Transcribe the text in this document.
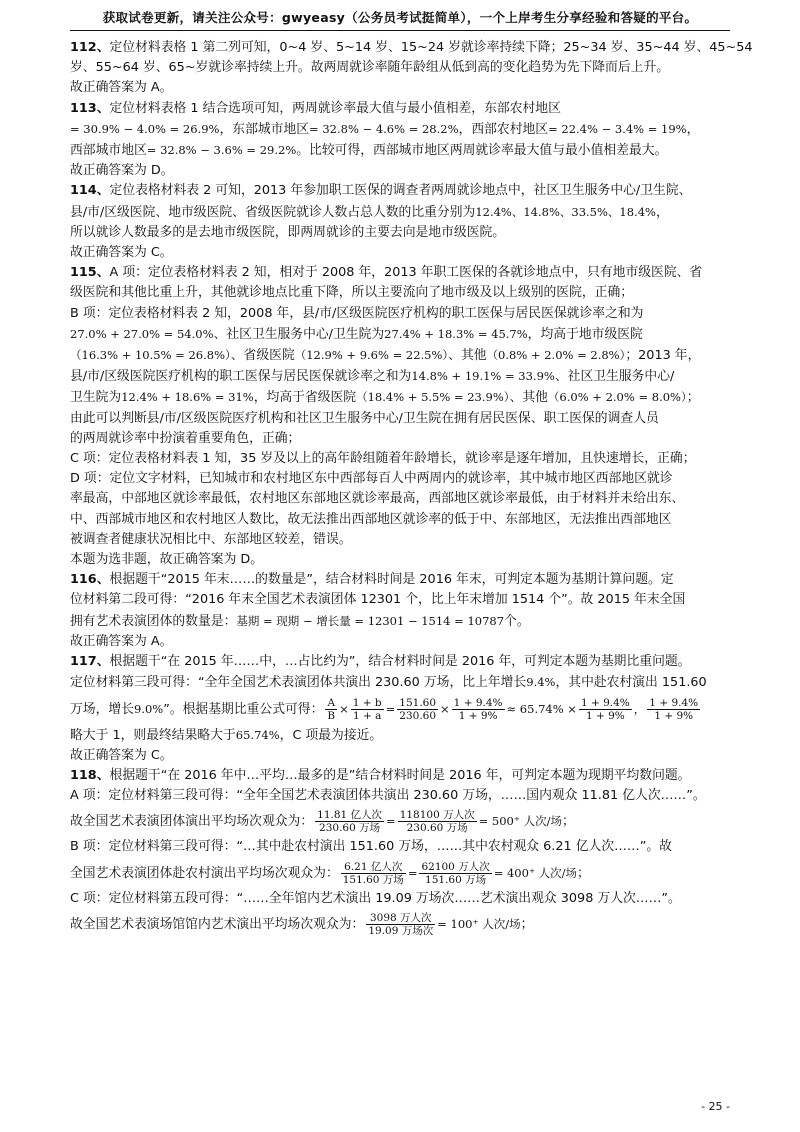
获取试卷更新，请关注公众号：gwyeasy（公务员考试挺简单），一个上岸考生分享经验和答疑的平台。

112、定位材料表格 1 第二列可知，0~4 岁、5~14 岁、15~24 岁就诊率持续下降；25~34 岁、35~44 岁、45~54

岁、55~64 岁、65~岁就诊率持续上升。故两周就诊率随年龄组从低到高的变化趋势为先下降而后上升。

故正确答案为 A。

113、定位材料表格 1 结合选项可知，两周就诊率最大值与最小值相差，东部农村地区

= 30.9% − 4.0% = 26.9%，东部城市地区= 32.8% − 4.6% = 28.2%，西部农村地区= 22.4% − 3.4% = 19%，

西部城市地区= 32.8% − 3.6% = 29.2%。比较可得，西部城市地区两周就诊率最大值与最小值相差最大。

故正确答案为 D。

114、定位表格材料表 2 可知，2013 年参加职工医保的调查者两周就诊地点中，社区卫生服务中心/卫生院、

县/市/区级医院、地市级医院、省级医院就诊人数占总人数的比重分别为12.4%、14.8%、33.5%、18.4%，

所以就诊人数最多的是去地市级医院，即两周就诊的主要去向是地市级医院。

故正确答案为 C。

115、A 项：定位表格材料表 2 知，相对于 2008 年，2013 年职工医保的各就诊地点中，只有地市级医院、省

级医院和其他比重上升，其他就诊地点比重下降，所以主要流向了地市级及以上级别的医院，正确；

B 项：定位表格材料表 2 知，2008 年，县/市/区级医院医疗机构的职工医保与居民医保就诊率之和为

27.0% + 27.0% = 54.0%、社区卫生服务中心/卫生院为27.4% + 18.3% = 45.7%，均高于地市级医院

（16.3% + 10.5% = 26.8%）、省级医院（12.9% + 9.6% = 22.5%）、其他（0.8% + 2.0% = 2.8%）；2013 年，

县/市/区级医院医疗机构的职工医保与居民医保就诊率之和为14.8% + 19.1% = 33.9%、社区卫生服务中心/

卫生院为12.4% + 18.6% = 31%，均高于省级医院（18.4% + 5.5% = 23.9%）、其他（6.0% + 2.0% = 8.0%）；

由此可以判断县/市/区级医院医疗机构和社区卫生服务中心/卫生院在拥有居民医保、职工医保的调查人员

的两周就诊率中扮演着重要角色，正确；

C 项：定位表格材料表 1 知，35 岁及以上的高年龄组随着年龄增长，就诊率是逐年增加，且快速增长，正确；

D 项：定位文字材料，已知城市和农村地区东中西部每百人中两周内的就诊率，其中城市地区西部地区就诊

率最高，中部地区就诊率最低，农村地区东部地区就诊率最高，西部地区就诊率最低，由于材料并未给出东、

中、西部城市地区和农村地区人数比，故无法推出西部地区就诊率的低于中、东部地区，无法推出西部地区

被调查者健康状况相比中、东部地区较差，错误。

本题为选非题，故正确答案为 D。

116、根据题干“2015 年末……的数量是”，结合材料时间是 2016 年末，可判定本题为基期计算问题。定

位材料第二段可得：“2016 年末全国艺术表演团体 12301 个，比上年末增加 1514 个”。故 2015 年末全国

拥有艺术表演团体的数量是：基期 = 现期 − 增长量 = 12301 − 1514 = 10787个。

故正确答案为 A。

117、根据题干“在 2015 年……中，…占比约为”，结合材料时间是 2016 年，可判定本题为基期比重问题。

定位材料第三段可得：“全年全国艺术表演团体共演出 230.60 万场，比上年增长9.4%，其中赴农村演出 151.60

万场，增长9.0%”。根据基期比重公式可得： $\frac{A}{B} \times \frac{1 + b}{1 + a} = \frac{151.60}{230.60} \times \frac{1 + 9.4\%}{1 + 9\%} \approx 65.74\% \times \frac{1 + 9.4\%}{1 + 9\%}$ ， $\frac{1 + 9.4\%}{1 + 9\%}$

略大于 1，则最终结果略大于65.74%，C 项最为接近。

故正确答案为 C。

118、根据题干“在 2016 年中…平均…最多的是”结合材料时间是 2016 年，可判定本题为现期平均数问题。

A 项：定位材料第三段可得：“全年全国艺术表演团体共演出 230.60 万场，……国内观众 11.81 亿人次……”。

故全国艺术表演团体演出平均场次观众为： $\frac{\text{11.81 亿人次}}{\text{230.60 万场}} = \frac{\text{118100 万人次}}{\text{230.60 万场}} = 500^+$ 人次/场；

B 项：定位材料第三段可得：“…其中赴农村演出 151.60 万场，……其中农村观众 6.21 亿人次……”。故

全国艺术表演团体赴农村演出平均场次观众为： $\frac{\text{6.21 亿人次}}{\text{151.60 万场}} = \frac{\text{62100 万人次}}{\text{151.60 万场}} = 400^+$ 人次/场；

C 项：定位材料第五段可得：“……全年馆内艺术演出 19.09 万场次……艺术演出观众 3098 万人次……”。

故全国艺术表演场馆馆内艺术演出平均场次观众为： $\frac{\text{3098 万人次}}{\text{19.09 万场次}} = 100^+$ 人次/场；

- 25 -
